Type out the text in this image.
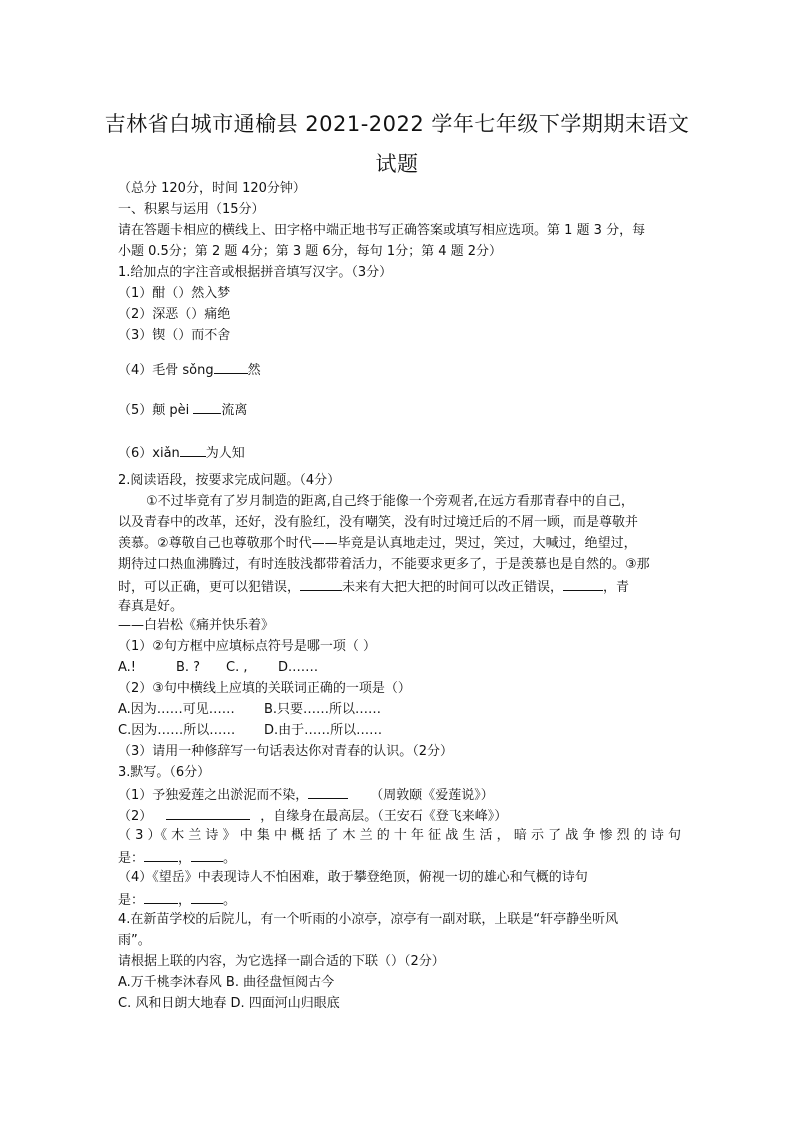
吉林省白城市通榆县 2021-2022 学年七年级下学期期末语文
试题
（总分 120分，时间 120分钟）
一、积累与运用（15分）
请在答题卡相应的横线上、田字格中端正地书写正确答案或填写相应选项。第 1 题 3 分，每
小题 0.5分；第 2 题 4分；第 3 题 6分，每句 1分；第 4 题 2分）
1.给加点的字注音或根据拼音填写汉字。（3分）
（1）酣（）然入梦
（2）深恶（）痛绝
（3）锲（）而不舍
（4）毛骨 sǒng	然
（5）颠 pèi 流离
（6）xiǎn 为人知
2.阅读语段，按要求完成问题。（4分）
①不过毕竟有了岁月制造的距离,自己终于能像一个旁观者,在远方看那青春中的自己，
以及青春中的改革，还好，没有脸红，没有嘲笑，没有时过境迁后的不屑一顾，而是尊敬并
羡慕。②尊敬自己也尊敬那个时代——毕竟是认真地走过，哭过，笑过，大喊过，绝望过，
期待过口热血沸腾过，有时连肢浅都带着活力，不能要求更多了，于是羡慕也是自然的。③那
时，可以正确，更可以犯错误，	未来有大把大把的时间可以改正错误，	，青
春真是好。
——白岩松《痛并快乐着》
（1）②句方框中应填标点符号是哪一项（ ）
A.!	B. ? C. , D.……
（2）③句中横线上应填的关联词正确的一项是（）
A.因为……可见…… B.只要……所以……
C.因为……所以…… D.由于……所以……
（3）请用一种修辞写一句话表达你对青春的认识。（2分）
3.默写。（6分）
（1）予独爱莲之出淤泥而不染，	（周敦颐《爱莲说》）
（2）	，自缘身在最高层。（王安石《登飞来峰》）
（ 3 ）《 木 兰 诗 》 中 集 中 概 括 了 木 兰 的 十 年 征 战 生 活 ， 暗 示 了 战 争 惨 烈 的 诗 句
是：	， 。
（4）《望岳》中表现诗人不怕困难，敢于攀登绝顶，俯视一切的雄心和气概的诗句
是：	， 。
4.在新苗学校的后院儿，有一个听雨的小凉亭，凉亭有一副对联，上联是“轩亭静坐听风
雨”。
请根据上联的内容，为它选择一副合适的下联（）（2分）
A.万千桃李沐春风 B. 曲径盘恒阅古今
C. 风和日朗大地春 D. 四面河山归眼底
